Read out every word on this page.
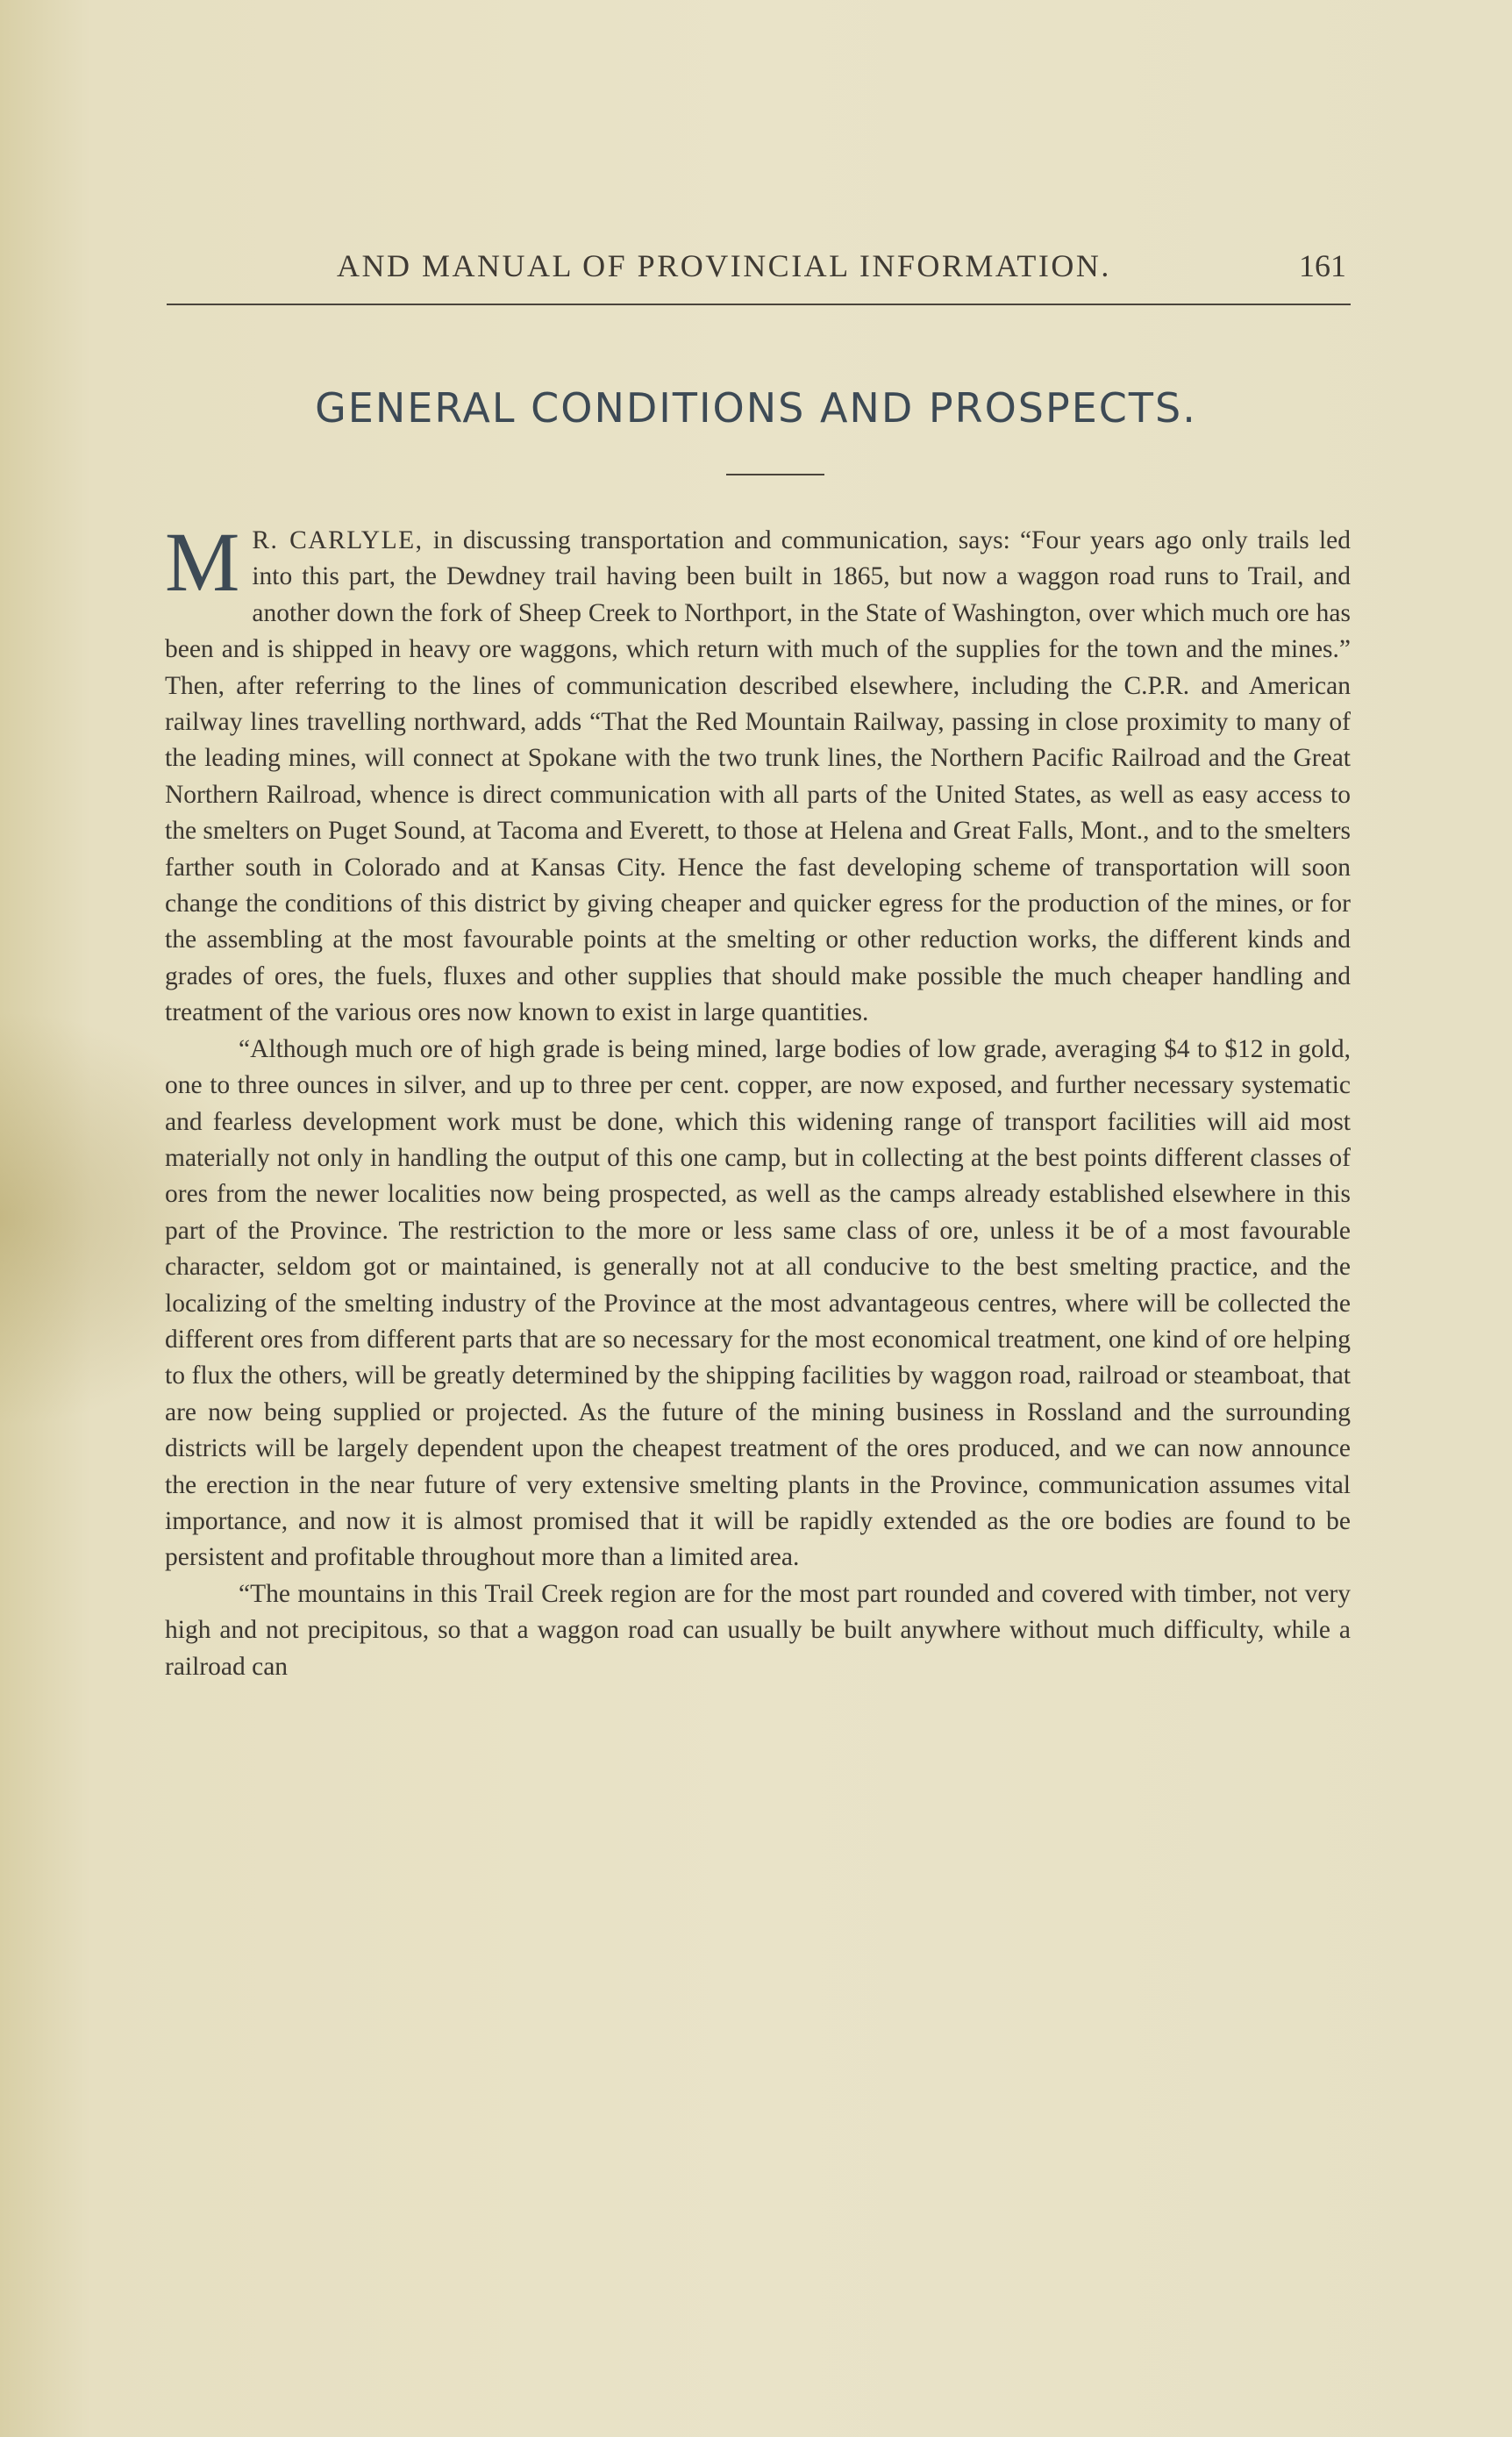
AND MANUAL OF PROVINCIAL INFORMATION.	161
GENERAL CONDITIONS AND PROSPECTS.

M R. CARLYLE, in discussing transportation and communication, says: “Four years ago only trails led into this part, the Dewdney trail having been built in 1865, but now a waggon road runs to Trail, and another down the fork of Sheep Creek to Northport, in the State of Washington, over which much ore has been and is shipped in heavy ore waggons, which return with much of the supplies for the town and the mines.” Then, after referring to the lines of communication described elsewhere, including the C.P.R. and American railway lines travelling northward, adds “That the Red Mountain Railway, passing in close proximity to many of the leading mines, will connect at Spokane with the two trunk lines, the Northern Pacific Railroad and the Great Northern Railroad, whence is direct communication with all parts of the United States, as well as easy access to the smelters on Puget Sound, at Tacoma and Everett, to those at Helena and Great Falls, Mont., and to the smelters farther south in Colorado and at Kansas City. Hence the fast developing scheme of transportation will soon change the conditions of this district by giving cheaper and quicker egress for the production of the mines, or for the assembling at the most favourable points at the smelting or other reduction works, the different kinds and grades of ores, the fuels, fluxes and other supplies that should make possible the much cheaper handling and treatment of the various ores now known to exist in large quantities.

“Although much ore of high grade is being mined, large bodies of low grade, averaging $4 to $12 in gold, one to three ounces in silver, and up to three per cent. copper, are now exposed, and further necessary systematic and fearless development work must be done, which this widening range of transport facilities will aid most materially not only in handling the output of this one camp, but in collecting at the best points different classes of ores from the newer localities now being prospected, as well as the camps already established elsewhere in this part of the Province. The restriction to the more or less same class of ore, unless it be of a most favourable character, seldom got or maintained, is generally not at all conducive to the best smelting practice, and the localizing of the smelting industry of the Province at the most advantageous centres, where will be collected the different ores from different parts that are so necessary for the most economical treatment, one kind of ore helping to flux the others, will be greatly determined by the shipping facilities by waggon road, railroad or steamboat, that are now being supplied or projected. As the future of the mining business in Rossland and the surrounding districts will be largely dependent upon the cheapest treatment of the ores produced, and we can now announce the erection in the near future of very extensive smelting plants in the Province, communication assumes vital importance, and now it is almost promised that it will be rapidly extended as the ore bodies are found to be persistent and profitable throughout more than a limited area.

“The mountains in this Trail Creek region are for the most part rounded and covered with timber, not very high and not precipitous, so that a waggon road can usually be built anywhere without much difficulty, while a railroad can
